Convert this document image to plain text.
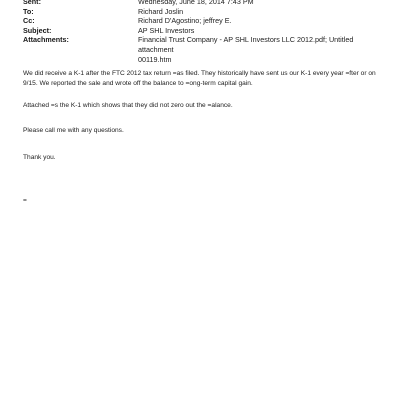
Sent:	Wednesday, June 18, 2014 7:43 PM
To:	Richard Joslin
Cc:	Richard D'Agostino; jeffrey E.
Subject:	AP SHL Investors
Attachments:	Financial Trust Company - AP SHL Investors LLC 2012.pdf; Untitled attachment
00119.htm

We did receive a K-1 after the FTC 2012 tax return =as filed. They historically have sent us our K-1 every year =fter or on
9/15. We reported the sale and wrote off the balance to =ong-term capital gain.

Attached =s the K-1 which shows that they did not zero out the =alance.

Please call me with any questions.

Thank you.

=
